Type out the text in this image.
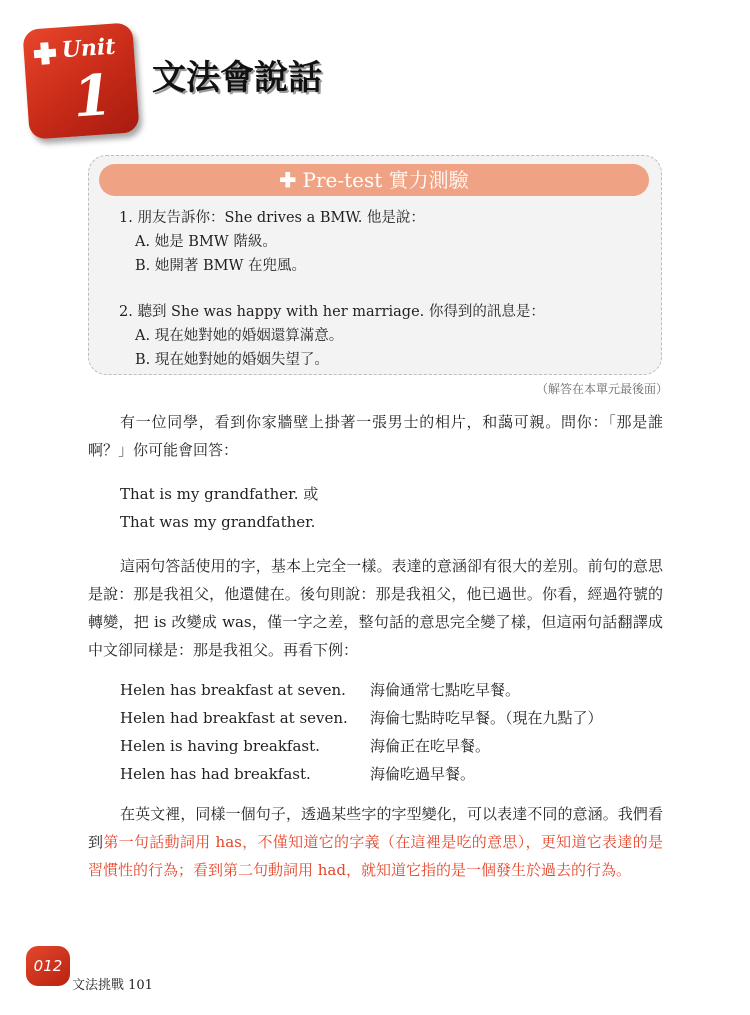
Unit
1 文法會說話
✚ Pre-test 實力測驗
1. 朋友告訴你：She drives a BMW. 他是說：
A. 她是 BMW 階級。
B. 她開著 BMW 在兜風。
2. 聽到 She was happy with her marriage. 你得到的訊息是：
A. 現在她對她的婚姻還算滿意。
B. 現在她對她的婚姻失望了。
（解答在本單元最後面）
有一位同學，看到你家牆壁上掛著一張男士的相片，和藹可親。問你：「那是誰啊？」你可能會回答：
That is my grandfather. 或
That was my grandfather.
這兩句答話使用的字，基本上完全一樣。表達的意涵卻有很大的差別。前句的意思是說：那是我祖父，他還健在。後句則說：那是我祖父，他已過世。你看，經過符號的轉變，把 is 改變成 was，僅一字之差，整句話的意思完全變了樣，但這兩句話翻譯成中文卻同樣是：那是我祖父。再看下例：
Helen has breakfast at seven.	海倫通常七點吃早餐。
Helen had breakfast at seven.	海倫七點時吃早餐。（現在九點了）
Helen is having breakfast.	海倫正在吃早餐。
Helen has had breakfast.	海倫吃過早餐。
在英文裡，同樣一個句子，透過某些字的字型變化，可以表達不同的意涵。我們看到第一句話動詞用 has，不僅知道它的字義（在這裡是吃的意思），更知道它表達的是習慣性的行為；看到第二句動詞用 had，就知道它指的是一個發生於過去的行為。
012
文法挑戰 101
